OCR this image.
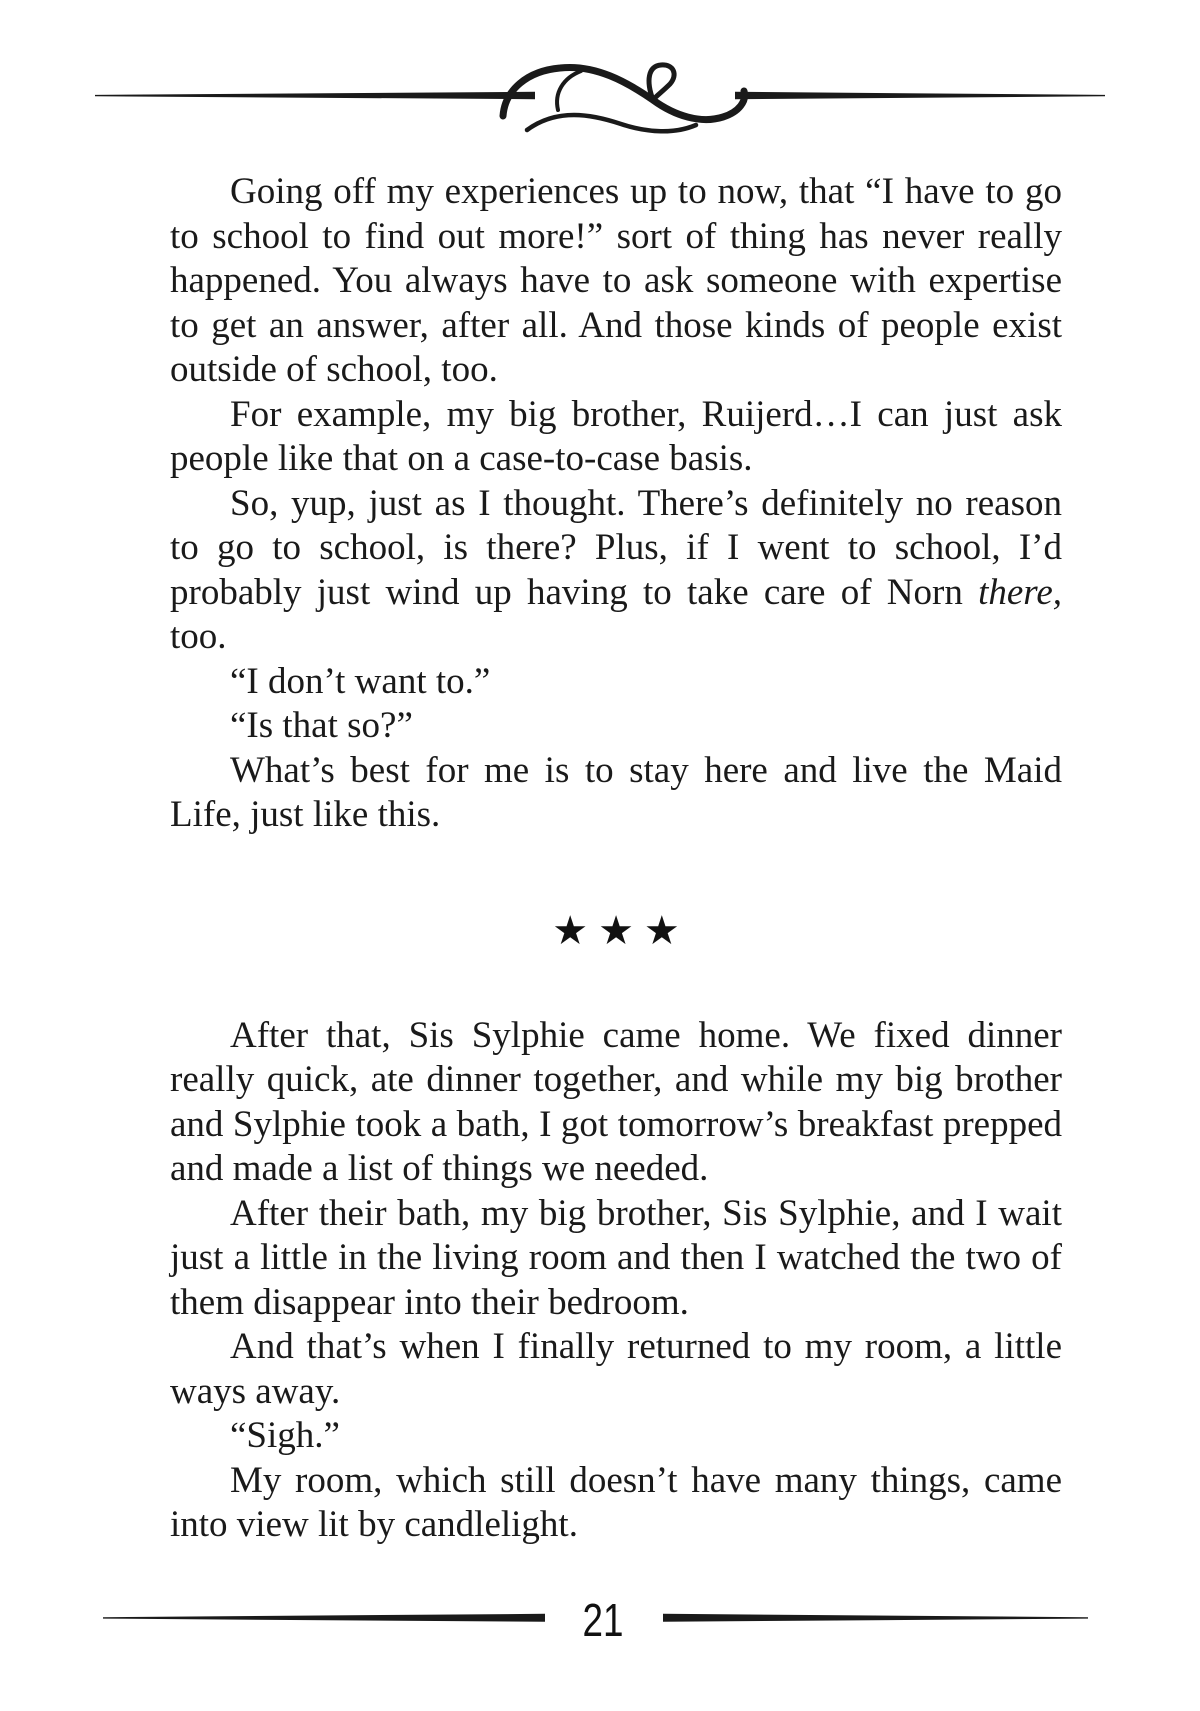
Going off my experiences up to now, that “I have to go to school to find out more!” sort of thing has never really happened. You always have to ask someone with expertise to get an answer, after all. And those kinds of people exist outside of school, too.

For example, my big brother, Ruijerd…I can just ask people like that on a case-to-case basis.

So, yup, just as I thought. There’s definitely no reason to go to school, is there? Plus, if I went to school, I’d probably just wind up having to take care of Norn there, too.

“I don’t want to.”

“Is that so?”

What’s best for me is to stay here and live the Maid Life, just like this.

★★★

After that, Sis Sylphie came home. We fixed dinner really quick, ate dinner together, and while my big brother and Sylphie took a bath, I got tomorrow’s breakfast prepped and made a list of things we needed.

After their bath, my big brother, Sis Sylphie, and I wait just a little in the living room and then I watched the two of them disappear into their bedroom.

And that’s when I finally returned to my room, a little ways away.

“Sigh.”

My room, which still doesn’t have many things, came into view lit by candlelight.

21
